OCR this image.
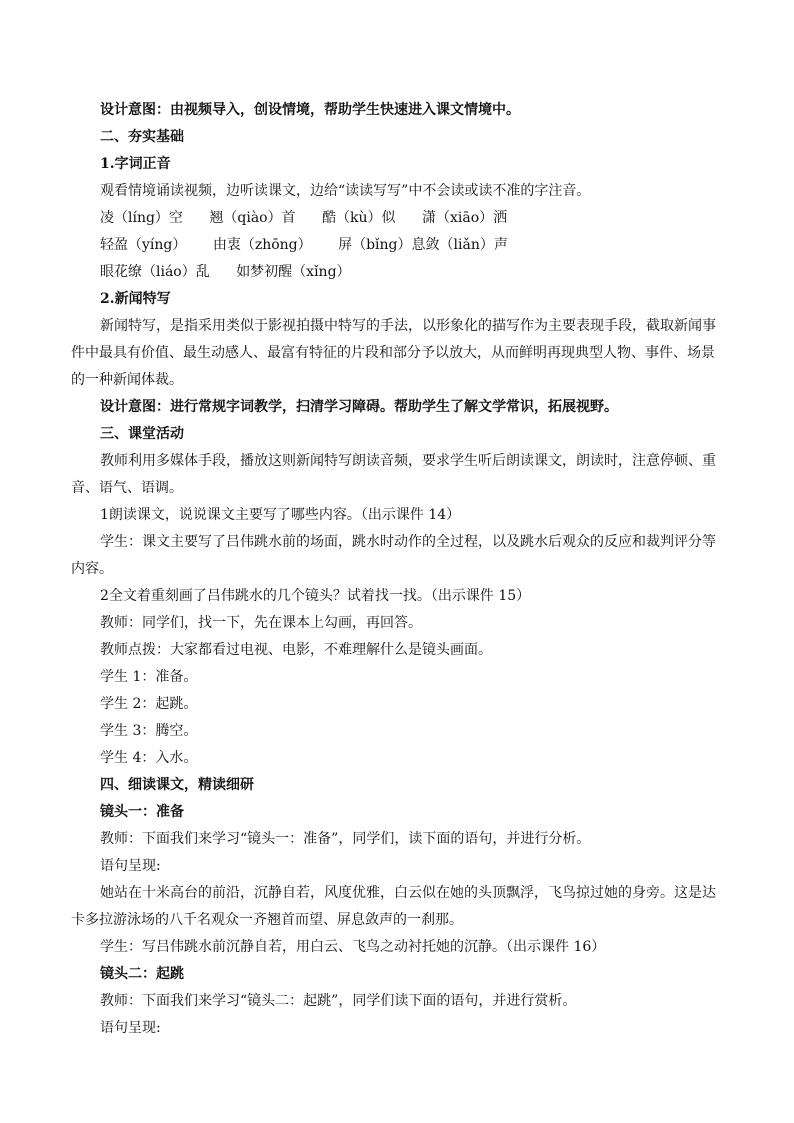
设计意图：由视频导入，创设情境，帮助学生快速进入课文情境中。
二、夯实基础
1.字词正音
观看情境诵读视频，边听读课文，边给“读读写写”中不会读或读不准的字注音。
凌（líng）空 翘（qiào）首 酷（kù）似 潇（xiāo）洒
轻盈（yíng） 由衷（zhōng） 屏（bǐng）息敛（liǎn）声
眼花缭（liáo）乱 如梦初醒（xǐng）
2.新闻特写
新闻特写，是指采用类似于影视拍摄中特写的手法，以形象化的描写作为主要表现手段，截取新闻事件中最具有价值、最生动感人、最富有特征的片段和部分予以放大，从而鲜明再现典型人物、事件、场景的一种新闻体裁。
设计意图：进行常规字词教学，扫清学习障碍。帮助学生了解文学常识，拓展视野。
三、课堂活动
教师利用多媒体手段，播放这则新闻特写朗读音频，要求学生听后朗读课文，朗读时，注意停顿、重音、语气、语调。
1朗读课文，说说课文主要写了哪些内容。（出示课件 14）
学生：课文主要写了吕伟跳水前的场面，跳水时动作的全过程，以及跳水后观众的反应和裁判评分等内容。
2全文着重刻画了吕伟跳水的几个镜头？试着找一找。（出示课件 15）
教师：同学们，找一下，先在课本上勾画，再回答。
教师点拨：大家都看过电视、电影，不难理解什么是镜头画面。
学生 1：准备。
学生 2：起跳。
学生 3：腾空。
学生 4：入水。
四、细读课文，精读细研
镜头一：准备
教师：下面我们来学习“镜头一：准备”，同学们，读下面的语句，并进行分析。
语句呈现:
她站在十米高台的前沿，沉静自若，风度优雅，白云似在她的头顶飘浮，飞鸟掠过她的身旁。这是达卡多拉游泳场的八千名观众一齐翘首而望、屏息敛声的一刹那。
学生：写吕伟跳水前沉静自若，用白云、飞鸟之动衬托她的沉静。（出示课件 16）
镜头二：起跳
教师：下面我们来学习“镜头二：起跳”，同学们读下面的语句，并进行赏析。
语句呈现:
